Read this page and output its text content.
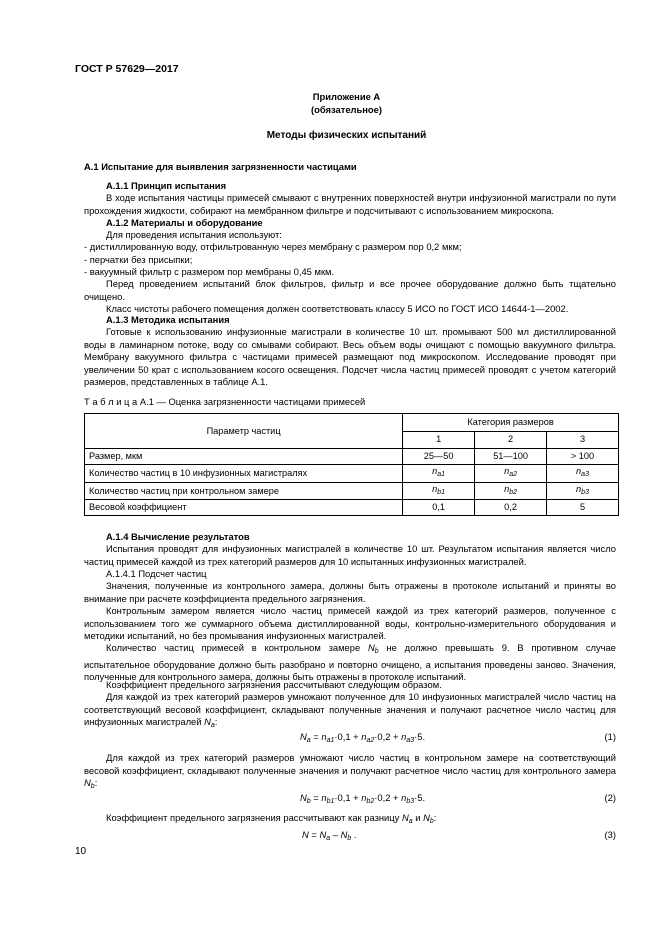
ГОСТ Р 57629—2017
Приложение А
(обязательное)
Методы физических испытаний
А.1 Испытание для выявления загрязненности частицами
А.1.1 Принцип испытания

В ходе испытания частицы примесей смывают с внутренних поверхностей внутри инфузионной магистрали по пути прохождения жидкости, собирают на мембранном фильтре и подсчитывают с использованием микроскопа.

А.1.2 Материалы и оборудование
Для проведения испытания используют:
- дистиллированную воду, отфильтрованную через мембрану с размером пор 0,2 мкм;
- перчатки без присыпки;
- вакуумный фильтр с размером пор мембраны 0,45 мкм.

Перед проведением испытаний блок фильтров, фильтр и все прочее оборудование должно быть тщательно очищено.

Класс чистоты рабочего помещения должен соответствовать классу 5 ИСО по ГОСТ ИСО 14644-1—2002.

А.1.3 Методика испытания

Готовые к использованию инфузионные магистрали в количестве 10 шт. промывают 500 мл дистиллированной воды в ламинарном потоке, воду со смывами собирают. Весь объем воды очищают с помощью вакуумного фильтра. Мембрану вакуумного фильтра с частицами примесей размещают под микроскопом. Исследование проводят при увеличении 50 крат с использованием косого освещения. Подсчет числа частиц примесей проводят с учетом категорий размеров, представленных в таблице А.1.

Т а б л и ц а А.1 — Оценка загрязненности частицами примесей
Параметр частиц	Категория размеров		
	1	2	3
Размер, мкм	25—50	51—100	> 100
Количество частиц в 10 инфузионных магистралях	$n_{a1}$	$n_{a2}$	$n_{a3}$
Количество частиц при контрольном замере	$n_{b1}$	$n_{b2}$	$n_{b3}$
Весовой коэффициент	0,1	0,2	5
А.1.4 Вычисление результатов

Испытания проводят для инфузионных магистралей в количестве 10 шт. Результатом испытания является число частиц примесей каждой из трех категорий размеров для 10 испытанных инфузионных магистралей.

А.1.4.1 Подсчет частиц

Значения, полученные из контрольного замера, должны быть отражены в протоколе испытаний и приняты во внимание при расчете коэффициента предельного загрязнения.

Контрольным замером является число частиц примесей каждой из трех категорий размеров, полученное с использованием того же суммарного объема дистиллированной воды, контрольно-измерительного оборудования и методики испытаний, но без промывания инфузионных магистралей.

Количество частиц примесей в контрольном замере $N_b$ не должно превышать 9. В противном случае испытательное оборудование должно быть разобрано и повторно очищено, а испытания проведены заново. Значения, полученные для контрольного замера, должны быть отражены в протоколе испытаний.

Коэффициент предельного загрязнения рассчитывают следующим образом.

Для каждой из трех категорий размеров умножают полученное для 10 инфузионных магистралей число частиц на соответствующий весовой коэффициент, складывают полученные значения и получают расчетное число частиц для инфузионных магистралей $N_a$:

$N_a = n_{a1}\cdot 0,1 + n_{a2}\cdot 0,2 + n_{a3}\cdot 5$.	(1)

Для каждой из трех категорий размеров умножают число частиц в контрольном замере на соответствующий весовой коэффициент, складывают полученные значения и получают расчетное число частиц для контрольного замера $N_b$:

$N_b = n_{b1}\cdot 0,1 + n_{b2}\cdot 0,2 + n_{b3}\cdot 5$.	(2)
Коэффициент предельного загрязнения рассчитывают как разницу $N_a$ и $N_b$:
$N = N_a - N_b$ .	(3)
10
